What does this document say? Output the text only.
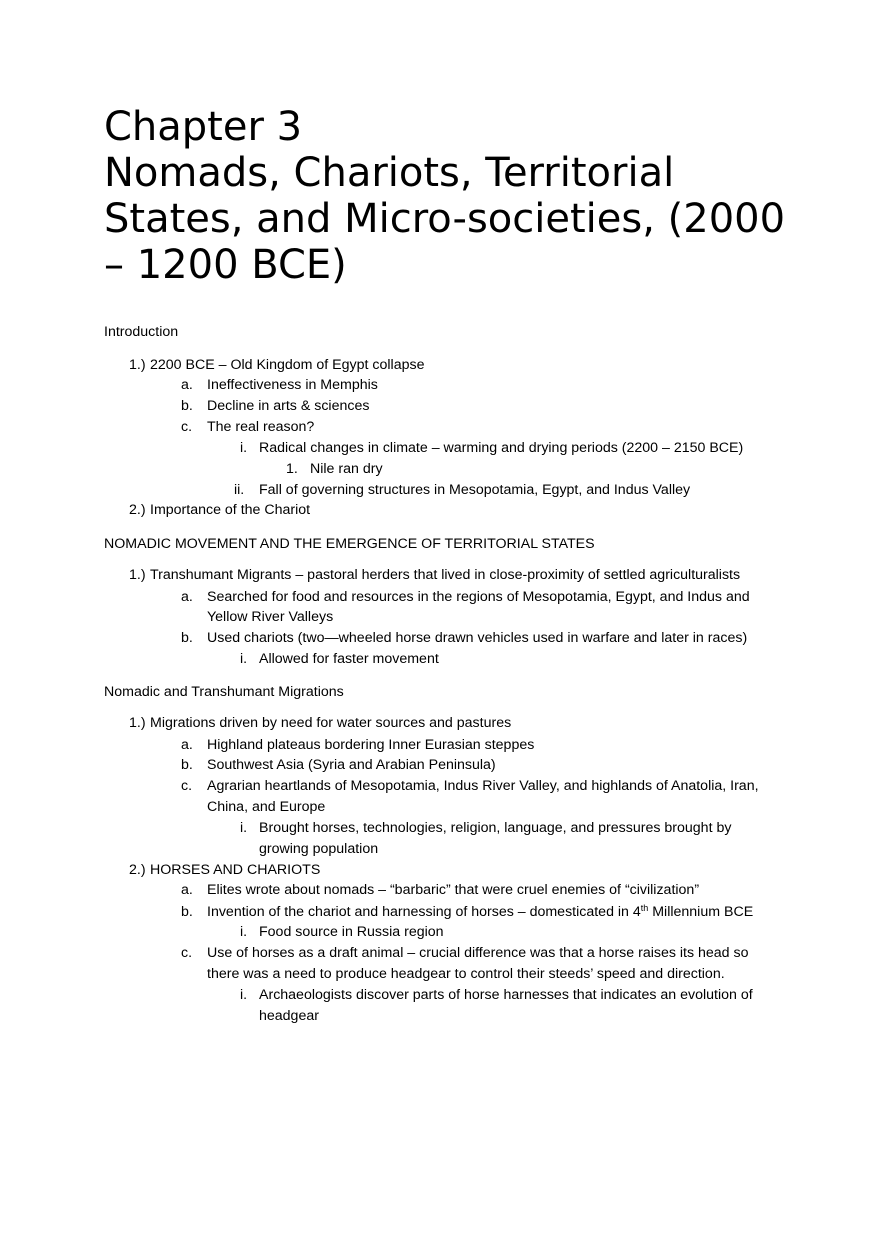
Chapter 3
Nomads, Chariots, Territorial
States, and Micro-societies, (2000
– 1200 BCE)
Introduction
1.) 2200 BCE – Old Kingdom of Egypt collapse
a. Ineffectiveness in Memphis
b. Decline in arts & sciences
c. The real reason?
i. Radical changes in climate – warming and drying periods (2200 – 2150 BCE)
1. Nile ran dry
ii. Fall of governing structures in Mesopotamia, Egypt, and Indus Valley
2.) Importance of the Chariot
NOMADIC MOVEMENT AND THE EMERGENCE OF TERRITORIAL STATES
1.) Transhumant Migrants – pastoral herders that lived in close-proximity of settled agriculturalists
a. Searched for food and resources in the regions of Mesopotamia, Egypt, and Indus and
Yellow River Valleys
b. Used chariots (two—wheeled horse drawn vehicles used in warfare and later in races)
i. Allowed for faster movement
Nomadic and Transhumant Migrations
1.) Migrations driven by need for water sources and pastures
a. Highland plateaus bordering Inner Eurasian steppes
b. Southwest Asia (Syria and Arabian Peninsula)
c. Agrarian heartlands of Mesopotamia, Indus River Valley, and highlands of Anatolia, Iran,
China, and Europe
i. Brought horses, technologies, religion, language, and pressures brought by
growing population
2.) HORSES AND CHARIOTS
a. Elites wrote about nomads – “barbaric” that were cruel enemies of “civilization”
b. Invention of the chariot and harnessing of horses – domesticated in 4th Millennium BCE
i. Food source in Russia region
c. Use of horses as a draft animal – crucial difference was that a horse raises its head so
there was a need to produce headgear to control their steeds’ speed and direction.
i. Archaeologists discover parts of horse harnesses that indicates an evolution of
headgear
